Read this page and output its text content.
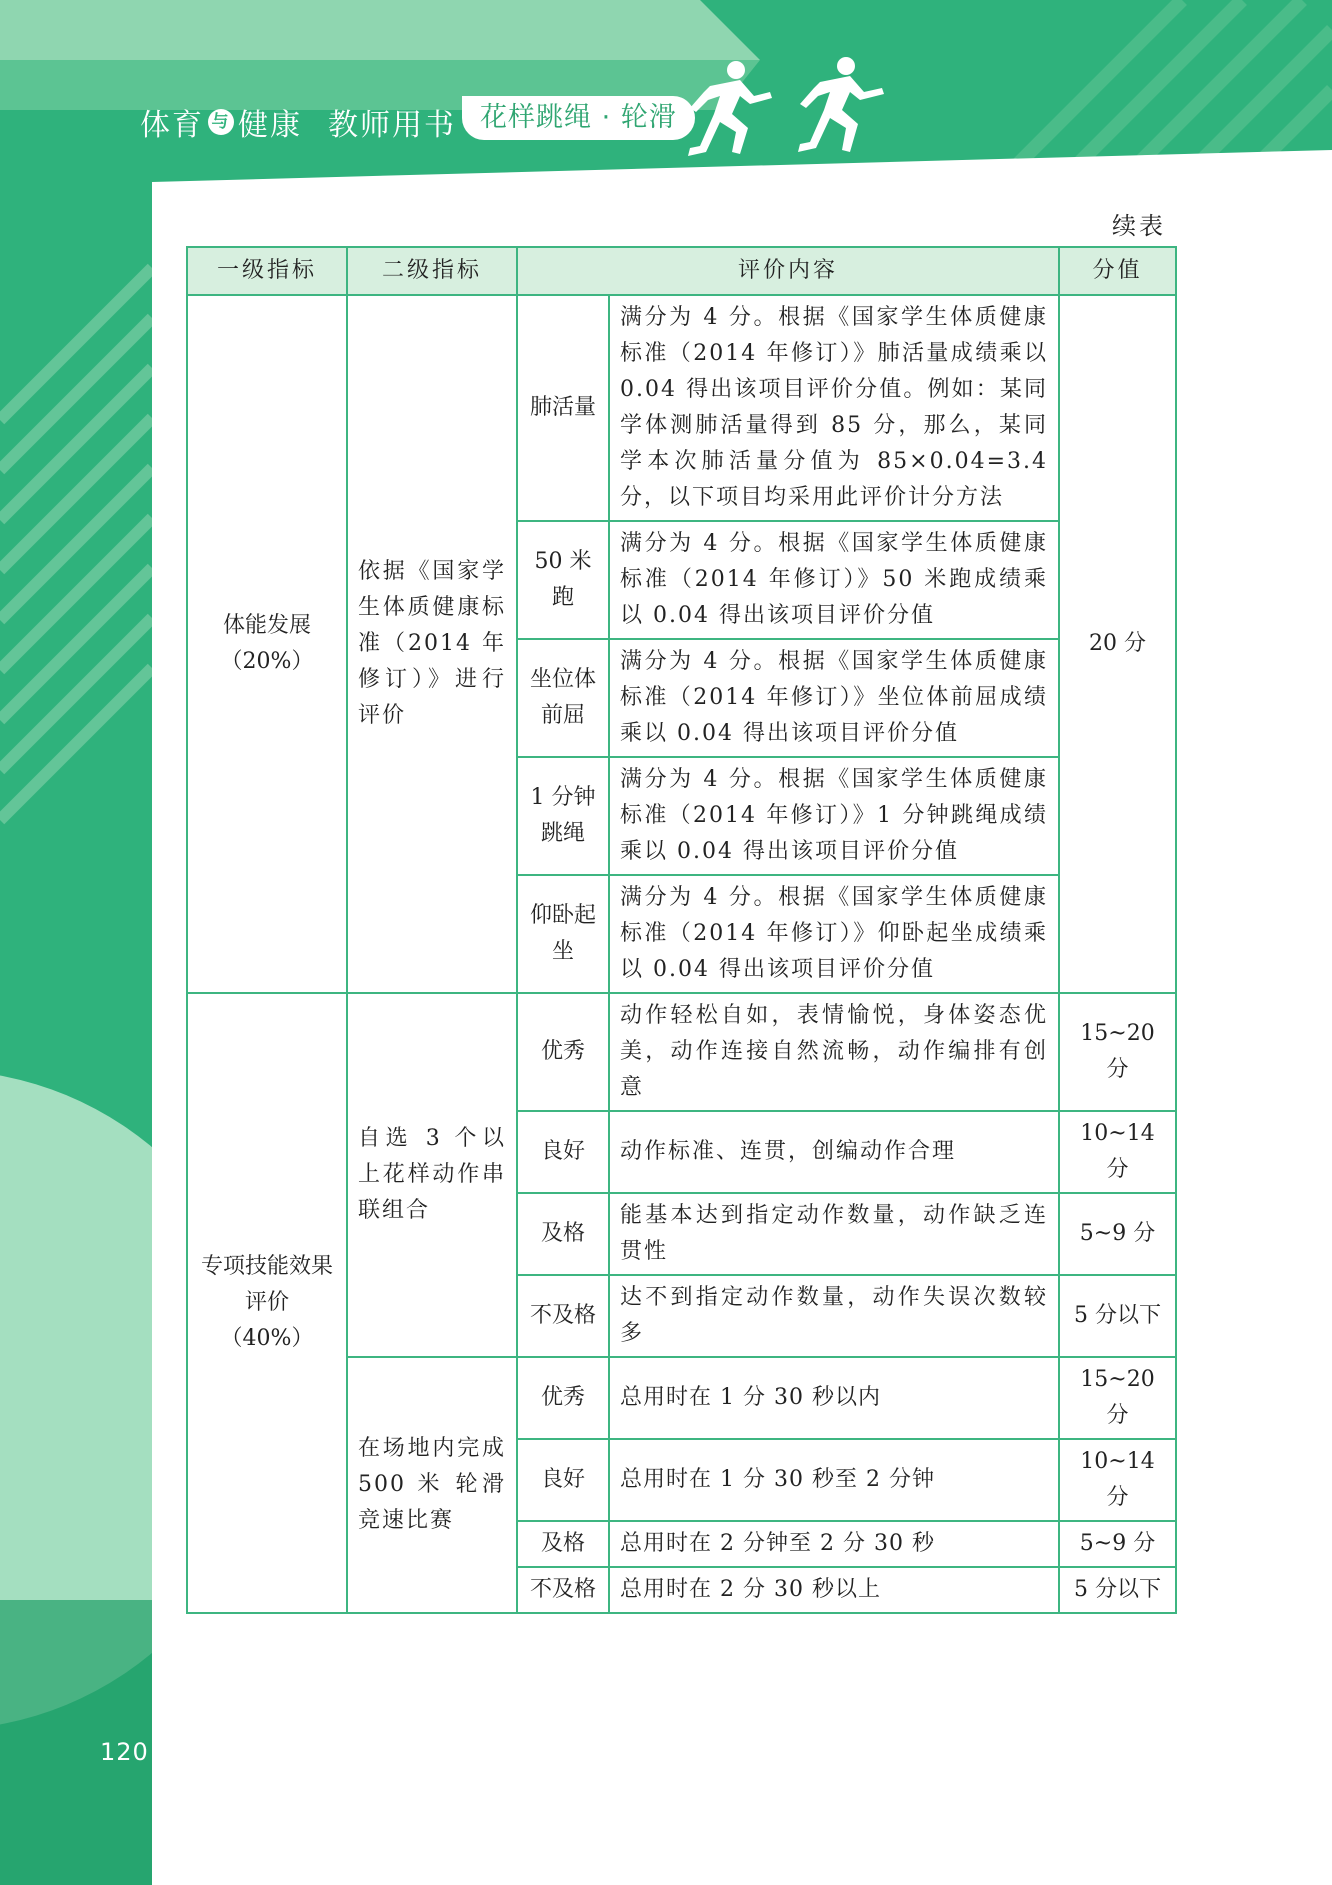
体育 与 健康 教师用书 花样跳绳 · 轮滑
续表
一级指标	二级指标	评价内容		分值

体能发展
（20%）	依据《国家学生体质健康标准（2014 年修订）》进行评价	肺活量	满分为 4 分。根据《国家学生体质健康标准（2014 年修订）》肺活量成绩乘以 0.04 得出该项目评价分值。例如：某同学体测肺活量得到 85 分，那么，某同学本次肺活量分值为 85×0.04=3.4 分，以下项目均采用此评价计分方法	20 分
		50 米跑	满分为 4 分。根据《国家学生体质健康标准（2014 年修订）》50 米跑成绩乘以 0.04 得出该项目评价分值	
		坐位体前屈	满分为 4 分。根据《国家学生体质健康标准（2014 年修订）》坐位体前屈成绩乘以 0.04 得出该项目评价分值	
		1 分钟跳绳	满分为 4 分。根据《国家学生体质健康标准（2014 年修订）》1 分钟跳绳成绩乘以 0.04 得出该项目评价分值	
		仰卧起坐	满分为 4 分。根据《国家学生体质健康标准（2014 年修订）》仰卧起坐成绩乘以 0.04 得出该项目评价分值	

专项技能效果评价
（40%）	自选 3 个以上花样动作串联组合	优秀	动作轻松自如，表情愉悦，身体姿态优美，动作连接自然流畅，动作编排有创意	15~20 分
		良好	动作标准、连贯，创编动作合理	10~14 分
		及格	能基本达到指定动作数量，动作缺乏连贯性	5~9 分
		不及格	达不到指定动作数量，动作失误次数较多	5 分以下
	在场地内完成 500 米 轮滑竞速比赛	优秀	总用时在 1 分 30 秒以内	15~20 分
		良好	总用时在 1 分 30 秒至 2 分钟	10~14 分
		及格	总用时在 2 分钟至 2 分 30 秒	5~9 分
		不及格	总用时在 2 分 30 秒以上	5 分以下
120
